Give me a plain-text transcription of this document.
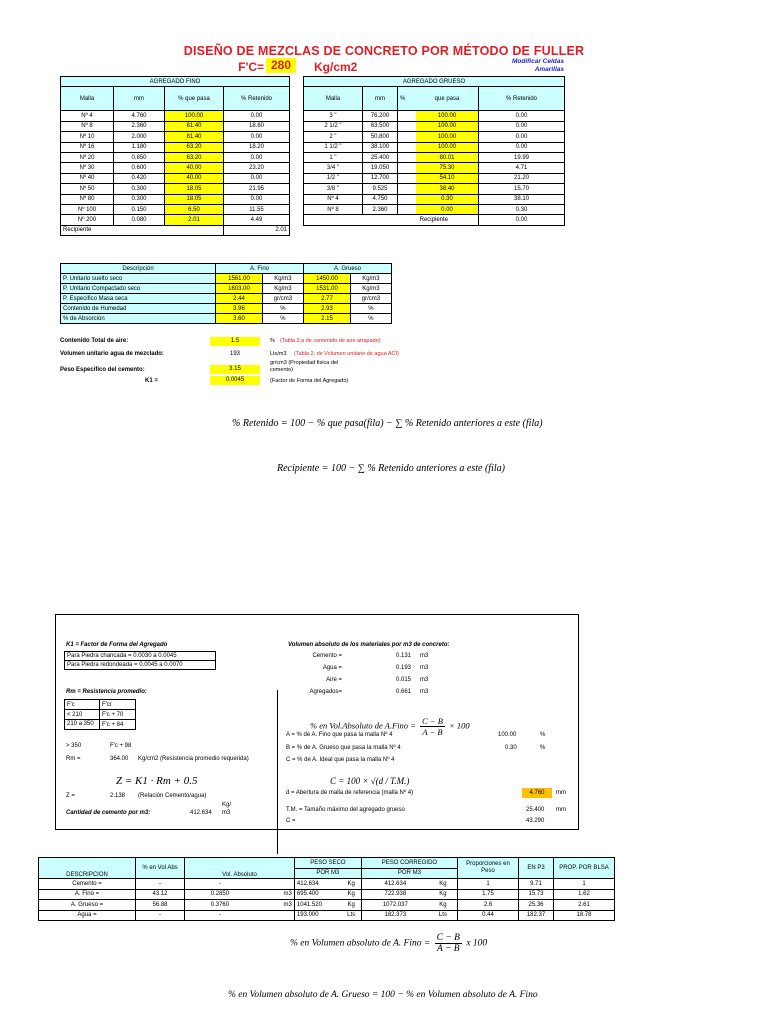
DISEÑO DE MEZCLAS DE CONCRETO POR MÉTODO DE FULLER
F'C= 280	Kg/cm2	Modificar Celdas Amarillas
AGREGADO FINO			
Malla	mm	% que pasa	% Retenido
Nº 4	4.760	100.00	0.00
Nº 8	2.360	81.40	18.60
Nº 10	2.000	81.40	0.00
Nº 16	1.180	63.20	18.20
Nº 20	0.850	63.20	0.00
Nº 30	0.600	40.00	23.20
Nº 40	0.420	40.00	0.00
Nº 50	0.300	18.05	21.95
Nº 80	0.300	18.05	0.00
Nº 100	0.150	6.50	11.55
Nº 200	0.080	2.01	4.49
Recipiente			2.01
AGREGADO GRUESO				
Malla	mm	%	que pasa	% Retenido
3 "	76.200		100.00	0.00
2 1/2 "	63.500		100.00	0.00
2 "	50.800		100.00	0.00
1 1/2 "	38.100		100.00	0.00
1 "	25.400		80.01	19.99
3/4 "	19.050		75.30	4.71
1/2 "	12.700		54.10	21.20
3/8 "	9.525		38.40	15.70
Nº 4	4.750		0.30	38.10
Nº 8	2.360		0.00	0.30
Recipiente				0.00
Descripción	A. Fino		A. Grueso	
P. Unitario suelto seco	1561.00	Kg/m3	1450.00	Kg/m3
P. Unitario Compactado seco	1603.00	Kg/m3	1531.00	Kg/m3
P. Especifico Masa seca	2.44	gr/cm3	2.77	gr/cm3
Contenido de Humedad	3.96	%	2.93	%
% de Absorción	3.60	%	2.15	%
Contenido Total de aire:	1.5	% (Tabla 3,a de contenido de aire atrapado)
Volumen unitario agua de mezclado:	193	Lts/m3 (Tabla 2, de Volumen unitario de agua ACI)
gr/cm3 (Propiedad fisica del
Peso Especifico del cemento:	3.15	cemento)
K1 =	0.0045	(Factor de Forma del Agregado)
% Retenido = 100 − % que pasa(fila) − ∑ % Retenido anteriores a este (fila)
Recipiente = 100 − ∑ % Retenido anteriores a este (fila)
K1 = Factor de Forma del Agregado
Para Piedra chancada = 0.0030 a 0.0045
Para Piedra redondeada = 0.0045 a 0.0070
Rm = Resistencia promedio:
F'c	F'cr
< 210	F'c + 70
210 a 350	F'c + 84
> 350	F'c + 98
Rm =	364.00 Kg/cm2 (Resistencia promedio requerida)
Z = K1 · Rm + 0.5
Z =	2.138 (Relación Cemento/agua)
Cantidad de cemento por m3:	412.634
Kg/
m3
Volumen absoluto de los materiales por m3 de concreto:
Cemento =	0.131 m3
Agua =	0.193 m3
Aire =	0.015 m3
Agregados=	0.661 m3
% en Vol.Absoluto de A.Fino = $\frac{C - B}{A - B} \times 100$
A = % de A. Fino que pasa la malla Nº 4	100.00	%
B = % de A. Grueso que pasa la malla Nº 4	0.30	%
C = % de A. Ideal que pasa la malla Nº 4
C = 100 × √(d / T.M.)
d = Abertura de malla de referencia (malla Nº 4)	4.760	mm
T.M. = Tamaño máximo del agregado grueso	25.400 mm
C =	43.290
DESCRIPCION	% en Vol Abs	Vol. Absoluto		PESO SECO		PESO CORREGIDO		Proporciones en Peso	EN P3	PROP. POR BLSA
				POR M3		POR M3				
Cemento =	-	-		412.634	Kg	412.634	Kg	1	9.71	1
A. Fino =	43.12	0.2850	m3	695.400	Kg	722.938	Kg	1.75	15.73	1.62
A. Grueso =	56.88	0.3760	m3	1041.520	Kg	1072.037	Kg	2.6	25.36	2.61
Agua =	-	-		193.000	Lts	182.373	Lts	0.44	182.37	18.78
% en Volumen absoluto de A. Fino = $\frac{C - B}{A - B}$ x 100
% en Volumen absoluto de A. Grueso = 100 − % en Volumen absoluto de A. Fino
